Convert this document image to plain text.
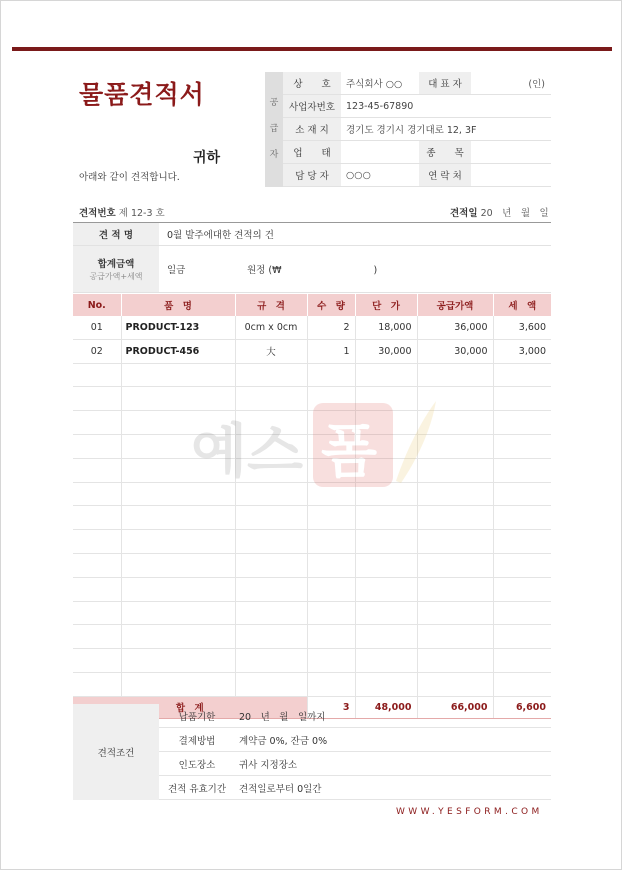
물품견적서
귀하
아래와 같이 견적합니다.
공
급
자	상　　호	주식회사 ○○	대 표 자	(인)
	사업자번호	123-45-67890		
	소 재 지	경기도 경기시 경기대로 12, 3F		
	업　　태		종　　목	
	담 당 자	○○○	연 락 처	
견적번호 제 12-3 호	견적일 20　년　월　일
견 적 명	0월 발주에대한 견적의 건	
합계금액
공급가액+세액	일금	원정 (₩ )
No.	품　명	규　격	수　량	단　가	공급가액	세　액
01	PRODUCT-123	0cm x 0cm	2	18,000	36,000	3,600
02	PRODUCT-456	大	1	30,000	30,000	3,000

합　계			3	48,000	66,000	6,600
견적조건	납품기한	20　년　월　일까지
	결제방법	계약금 0%, 잔금 0%
	인도장소	귀사 지정장소
	견적 유효기간	견적일로부터 0일간
WWW.YESFORM.COM
예스 폼
